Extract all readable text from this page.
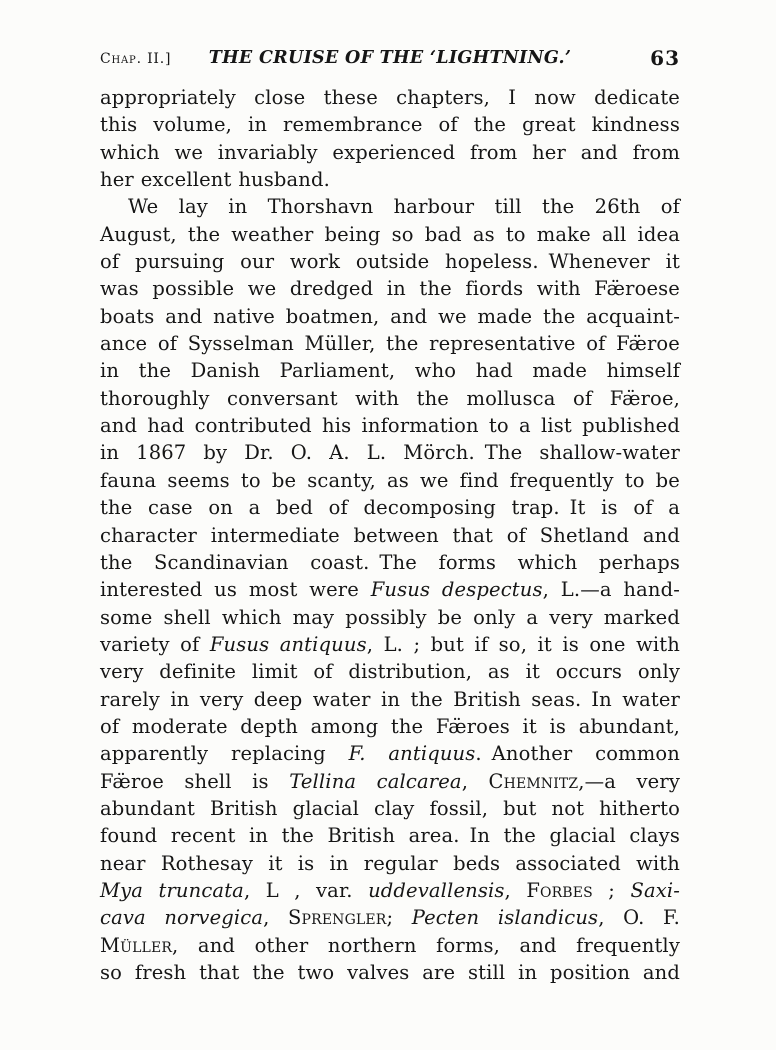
Chap. II.] THE CRUISE OF THE ‘LIGHTNING.’	63
appropriately close these chapters, I now dedicate
this volume, in remembrance of the great kindness
which we invariably experienced from her and from
her excellent husband.
We lay in Thorshavn harbour till the 26th of
August, the weather being so bad as to make all idea
of pursuing our work outside hopeless. Whenever it
was possible we dredged in the fiords with Fæ̈roese
boats and native boatmen, and we made the acquaint-
ance of Sysselman Müller, the representative of Fæ̈roe
in the Danish Parliament, who had made himself
thoroughly conversant with the mollusca of Fæ̈roe,
and had contributed his information to a list published
in 1867 by Dr. O. A. L. Mörch. The shallow-water
fauna seems to be scanty, as we find frequently to be
the case on a bed of decomposing trap. It is of a
character intermediate between that of Shetland and
the Scandinavian coast. The forms which perhaps
interested us most were Fusus despectus, L.—a hand-
some shell which may possibly be only a very marked
variety of Fusus antiquus, L. ; but if so, it is one with
very definite limit of distribution, as it occurs only
rarely in very deep water in the British seas. In water
of moderate depth among the Fæ̈roes it is abundant,
apparently replacing F. antiquus. Another common
Fæ̈roe shell is Tellina calcarea, Chemnitz,—a very
abundant British glacial clay fossil, but not hitherto
found recent in the British area. In the glacial clays
near Rothesay it is in regular beds associated with
Mya truncata, L , var. uddevallensis, Forbes ; Saxi-
cava norvegica, Sprengler; Pecten islandicus, O. F.
Müller, and other northern forms, and frequently
so fresh that the two valves are still in position and
